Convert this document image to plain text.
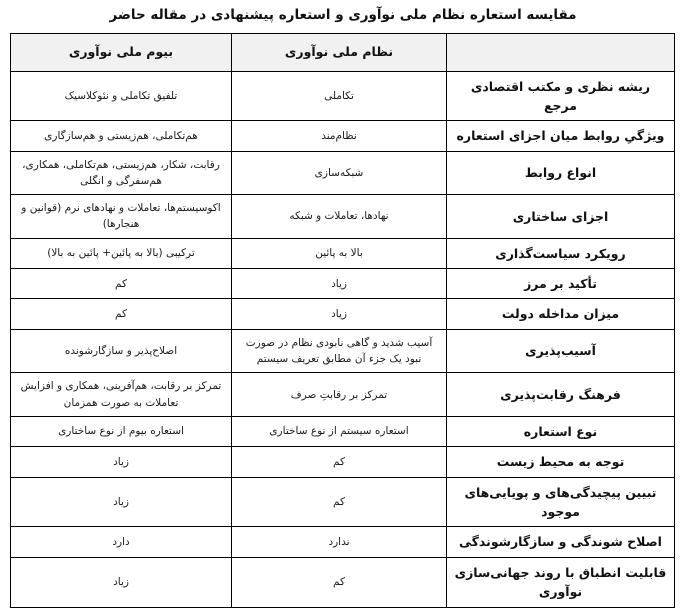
مقایسه استعاره نظام ملی نوآوری و استعاره پیشنهادی در مقاله حاضر
	نظام ملی نوآوری	بیوم ملی نوآوری
ریشه نظری و مکتب اقتصادی مرجع	تکاملی	تلفیق تکاملی و نئوکلاسیک
ویژگیِ روابط میان اجزای استعاره	نظام‌مند	هم‌تکاملی، هم‌زیستی و هم‌سازگاری
انواع روابط	شبکه‌سازی	رقابت، شکار، هم‌زیستی، هم‌تکاملی، همکاری، هم‌سفرگی و انگلی
اجزای ساختاری	نهادها، تعاملات و شبکه	اکوسیستم‌ها، تعاملات و نهادهای نرم (قوانین و هنجارها)
رویکرد سیاست‌گذاری	بالا به پائین	ترکیبی (بالا به پائین+ پائین به بالا)
تأکید بر مرز	زیاد	کم
میزان مداخله دولت	زیاد	کم
آسیب‌پذیری	آسیب شدید و گاهی نابودی نظام در صورت نبود یک جزء آن مطابق تعریف سیستم	اصلاح‌پذیر و سازگارشونده
فرهنگ رقابت‌پذیری	تمرکز بر رقابتِ صرف	تمرکز بر رقابت، هم‌آفرینی، همکاری و افزایش تعاملات به صورت همزمان
نوع استعاره	استعاره سیستم از نوع ساختاری	استعاره بیوم از نوع ساختاری
توجه به محیط زیست	کم	زیاد
تبیین پیچیدگی‌های و پویایی‌های موجود	کم	زیاد
اصلاح شوندگی و سازگارشوندگی	ندارد	دارد
قابلیت انطباق با روند جهانی‌سازی نوآوری	کم	زیاد
